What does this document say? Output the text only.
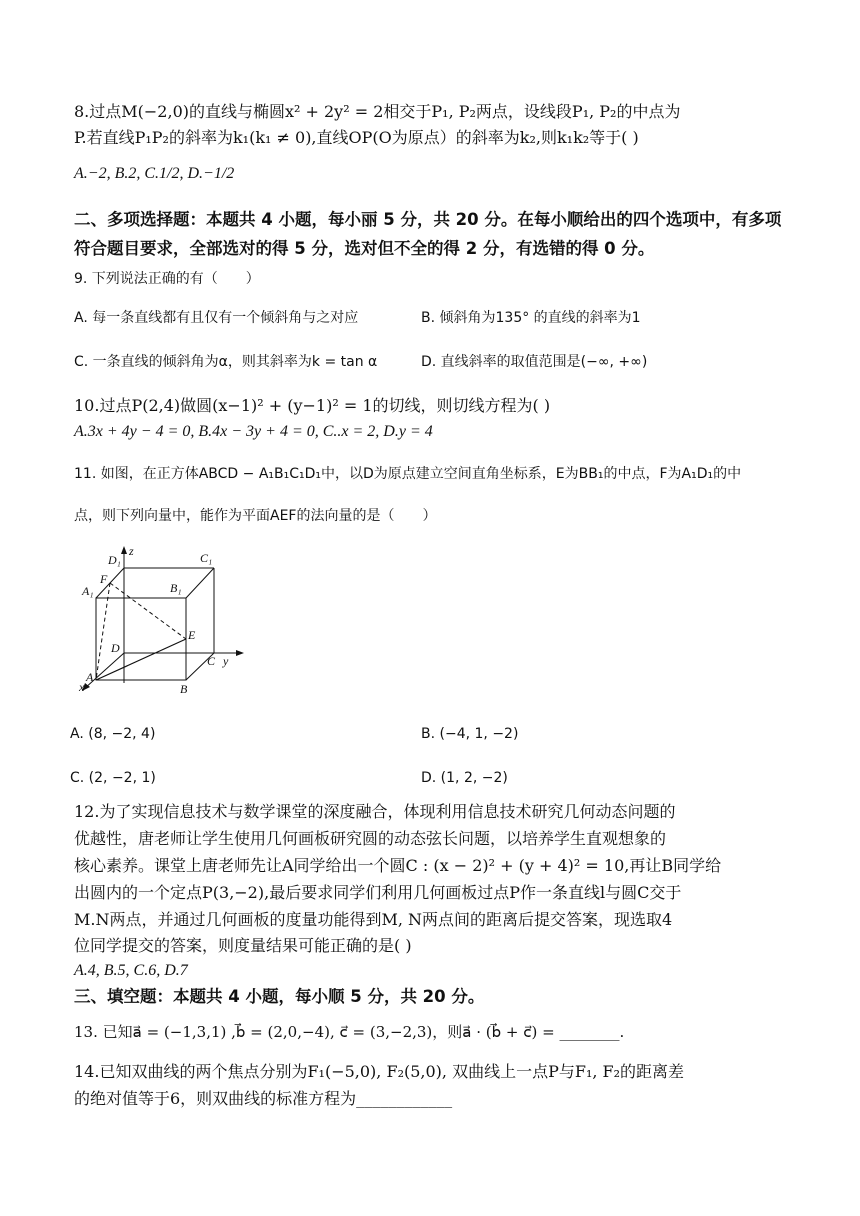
8.过点M(−2,0)的直线与椭圆x² + 2y² = 2相交于P₁, P₂两点，设线段P₁, P₂的中点为
P.若直线P₁P₂的斜率为k₁(k₁ ≠ 0),直线OP(O为原点）的斜率为k₂,则k₁k₂等于( )
A.−2, B.2, C.1/2, D.−1/2
二、多项选择题：本题共 4 小题，每小丽 5 分，共 20 分。在每小顺给出的四个选项中，有多项
符合题目要求，全部选对的得 5 分，选对但不全的得 2 分，有选错的得 0 分。
9. 下列说法正确的有（　　）
A. 每一条直线都有且仅有一个倾斜角与之对应	B. 倾斜角为135° 的直线的斜率为1
C. 一条直线的倾斜角为α，则其斜率为k = tan α	D. 直线斜率的取值范围是(−∞, +∞)
10.过点P(2,4)做圆(x−1)² + (y−1)² = 1的切线，则切线方程为( )
A.3x + 4y − 4 = 0, B.4x − 3y + 4 = 0, C..x = 2, D.y = 4
11. 如图，在正方体ABCD − A₁B₁C₁D₁中，以D为原点建立空间直角坐标系，E为BB₁的中点，F为A₁D₁的中
点，则下列向量中，能作为平面AEF的法向量的是（　　）
D₁
z	C₁
F
B₁
A₁
E
D
C y
A
B
x
A. (8, −2, 4)	B. (−4, 1, −2)
C. (2, −2, 1)	D. (1, 2, −2)
12.为了实现信息技术与数学课堂的深度融合，体现利用信息技术研究几何动态问题的
优越性，唐老师让学生使用几何画板研究圆的动态弦长问题，以培养学生直观想象的
核心素养。课堂上唐老师先让A同学给出一个圆C : (x − 2)² + (y + 4)² = 10,再让B同学给
出圆内的一个定点P(3,−2),最后要求同学们利用几何画板过点P作一条直线l与圆C交于
M.N两点，并通过几何画板的度量功能得到M, N两点间的距离后提交答案，现选取4
位同学提交的答案，则度量结果可能正确的是( )
A.4, B.5, C.6, D.7
三、填空题：本题共 4 小题，每小顺 5 分，共 20 分。
13. 已知a⃗ = (−1,3,1) ,b⃗ = (2,0,−4), c⃗ = (3,−2,3)，则a⃗ · (b⃗ + c⃗) = ________.
14.已知双曲线的两个焦点分别为F₁(−5,0), F₂(5,0), 双曲线上一点P与F₁, F₂的距离差
的绝对值等于6，则双曲线的标准方程为____________
